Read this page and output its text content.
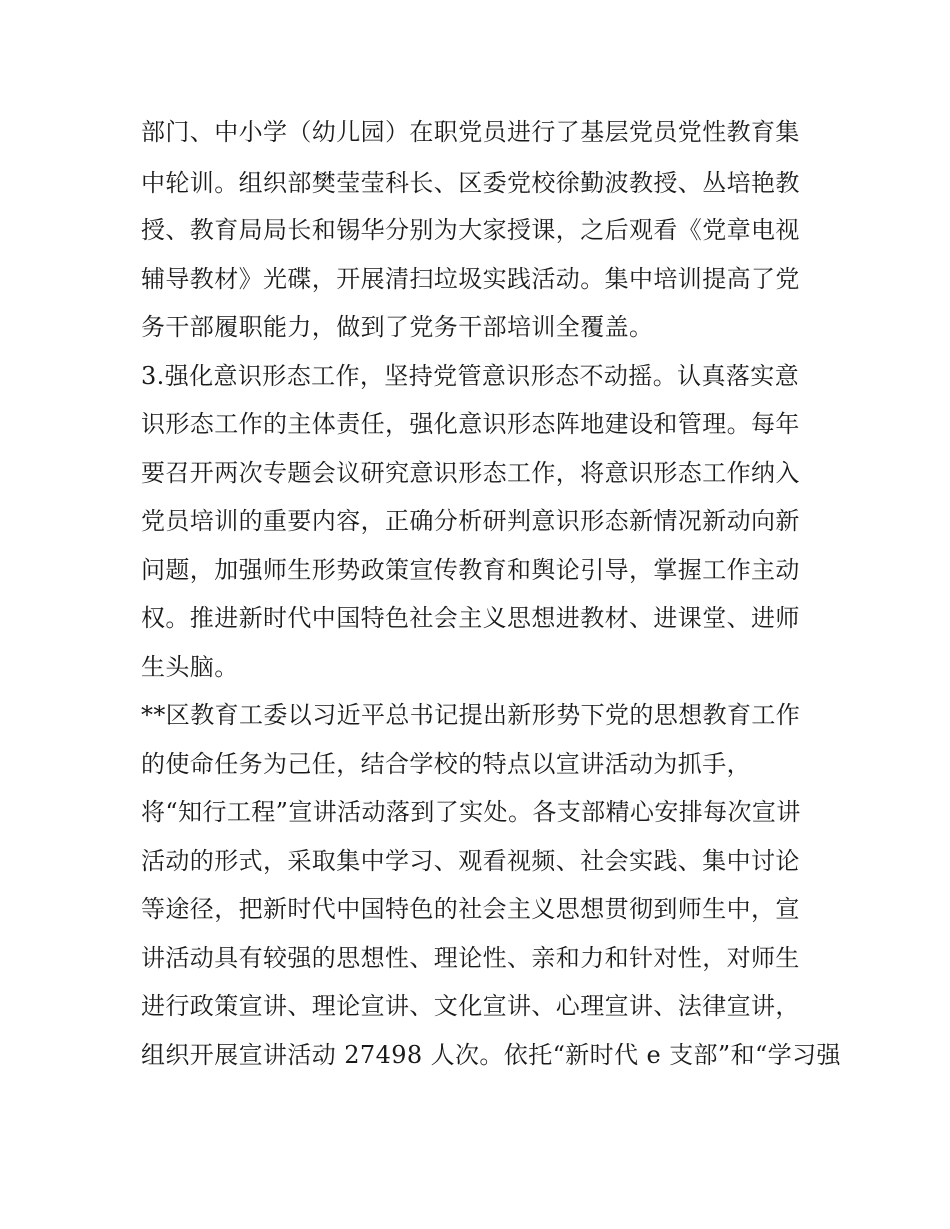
部门、中小学（幼儿园）在职党员进行了基层党员党性教育集

中轮训。组织部樊莹莹科长、区委党校徐勤波教授、丛培艳教

授、教育局局长和锡华分别为大家授课，之后观看《党章电视

辅导教材》光碟，开展清扫垃圾实践活动。集中培训提高了党

务干部履职能力，做到了党务干部培训全覆盖。

3.强化意识形态工作，坚持党管意识形态不动摇。认真落实意

识形态工作的主体责任，强化意识形态阵地建设和管理。每年

要召开两次专题会议研究意识形态工作，将意识形态工作纳入

党员培训的重要内容，正确分析研判意识形态新情况新动向新

问题，加强师生形势政策宣传教育和舆论引导，掌握工作主动

权。推进新时代中国特色社会主义思想进教材、进课堂、进师

生头脑。

**区教育工委以习近平总书记提出新形势下党的思想教育工作

的使命任务为己任，结合学校的特点以宣讲活动为抓手，

将“知行工程”宣讲活动落到了实处。各支部精心安排每次宣讲

活动的形式，采取集中学习、观看视频、社会实践、集中讨论

等途径，把新时代中国特色的社会主义思想贯彻到师生中，宣

讲活动具有较强的思想性、理论性、亲和力和针对性，对师生

进行政策宣讲、理论宣讲、文化宣讲、心理宣讲、法律宣讲，

组织开展宣讲活动 27498 人次。依托“新时代 e 支部”和“学习强
